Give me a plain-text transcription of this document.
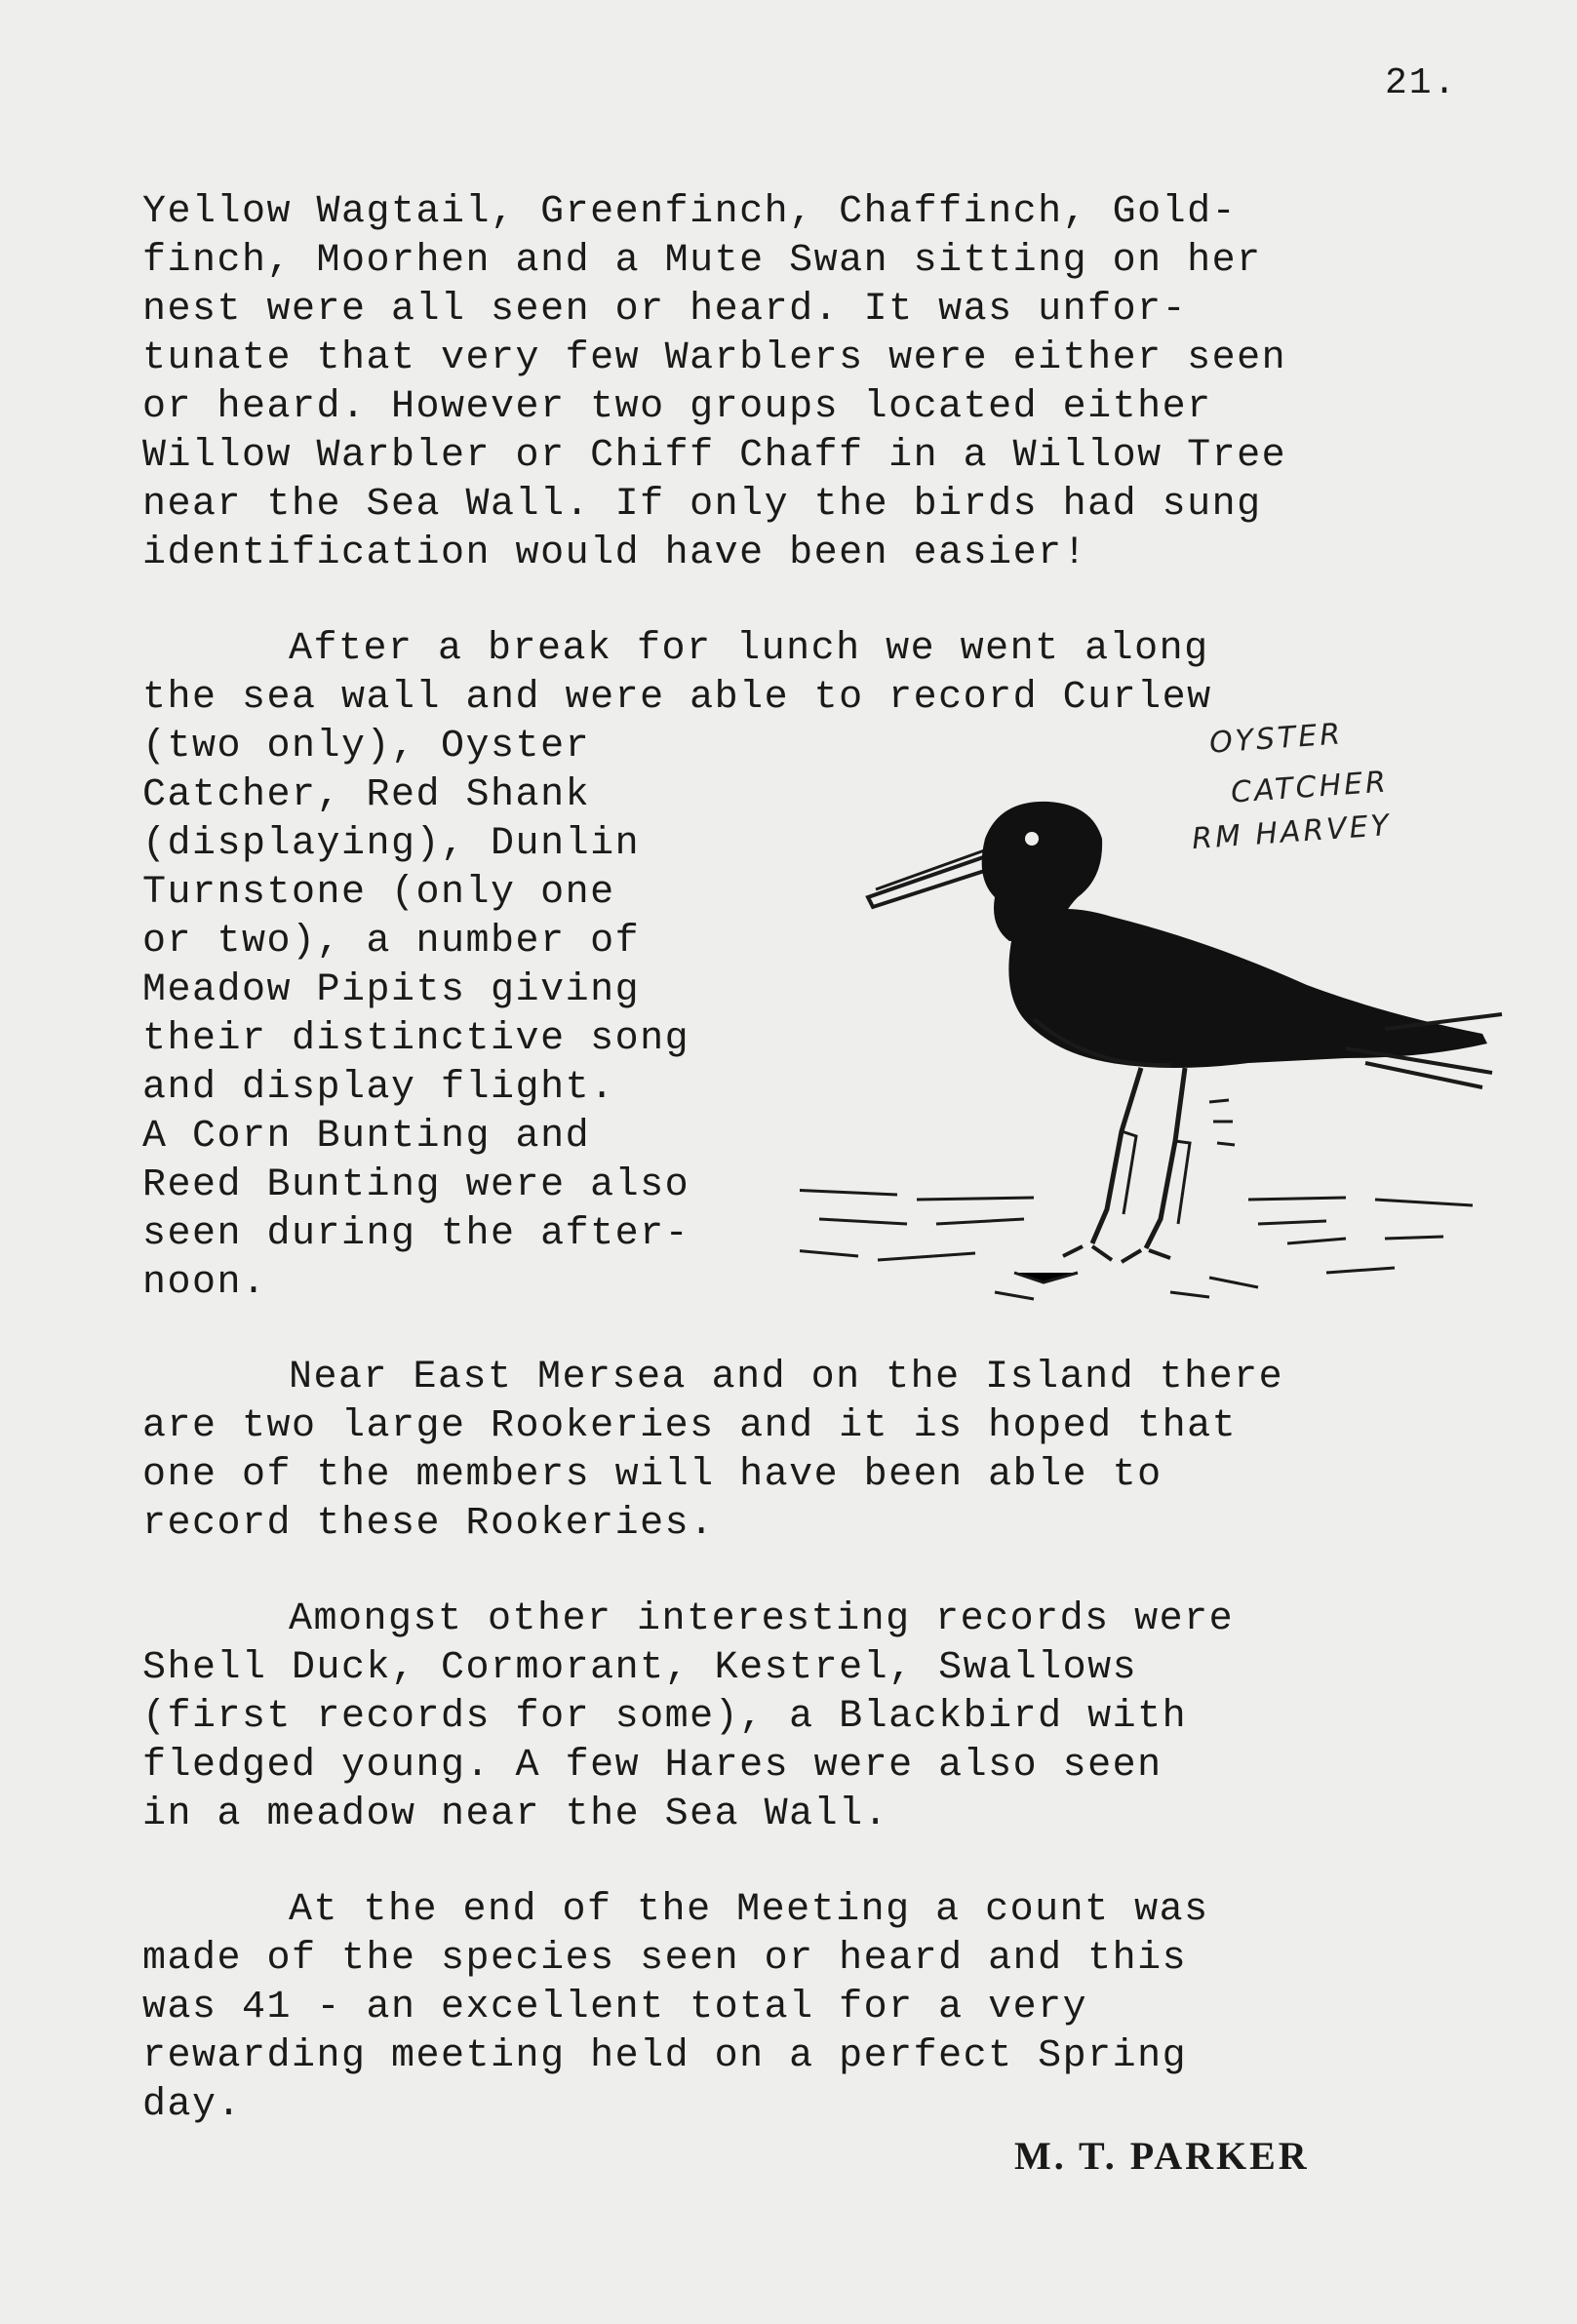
21.
Yellow Wagtail, Greenfinch, Chaffinch, Gold-
finch, Moorhen and a Mute Swan sitting on her
nest were all seen or heard. It was unfor-
tunate that very few Warblers were either seen
or heard. However two groups located either
Willow Warbler or Chiff Chaff in a Willow Tree
near the Sea Wall. If only the birds had sung
identification would have been easier!
After a break for lunch we went along
the sea wall and were able to record Curlew
(two only), Oyster
Catcher, Red Shank
(displaying), Dunlin
Turnstone (only one
or two), a number of
Meadow Pipits giving
their distinctive song
and display flight.
A Corn Bunting and
Reed Bunting were also
seen during the after-
noon.
Near East Mersea and on the Island there
are two large Rookeries and it is hoped that
one of the members will have been able to
record these Rookeries.
Amongst other interesting records were
Shell Duck, Cormorant, Kestrel, Swallows
(first records for some), a Blackbird with
fledged young. A few Hares were also seen
in a meadow near the Sea Wall.
At the end of the Meeting a count was
made of the species seen or heard and this
was 41 - an excellent total for a very
rewarding meeting held on a perfect Spring
day.
M. T. PARKER
OYSTER
CATCHER
RM HARVEY
